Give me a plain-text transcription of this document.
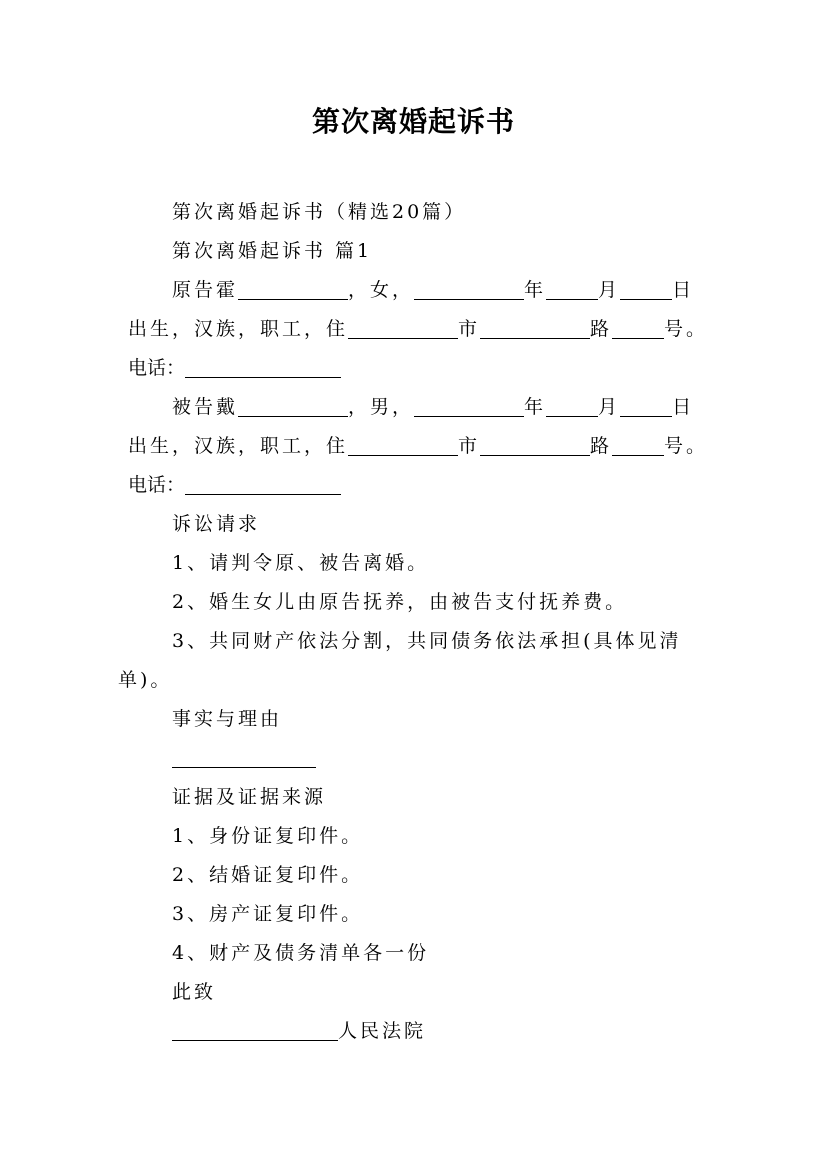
第次离婚起诉书
第次离婚起诉书（精选20篇）
第次离婚起诉书 篇1
原告霍	，女，	年	月	日
出生，汉族，职工，住	市	路	号。
电话：
被告戴	，男，	年	月	日
出生，汉族，职工，住	市	路	号。
电话：
诉讼请求
1、请判令原、被告离婚。
2、婚生女儿由原告抚养，由被告支付抚养费。
3、共同财产依法分割，共同债务依法承担(具体见清
单)。
事实与理由
证据及证据来源
1、身份证复印件。
2、结婚证复印件。
3、房产证复印件。
4、财产及债务清单各一份
此致
人民法院
